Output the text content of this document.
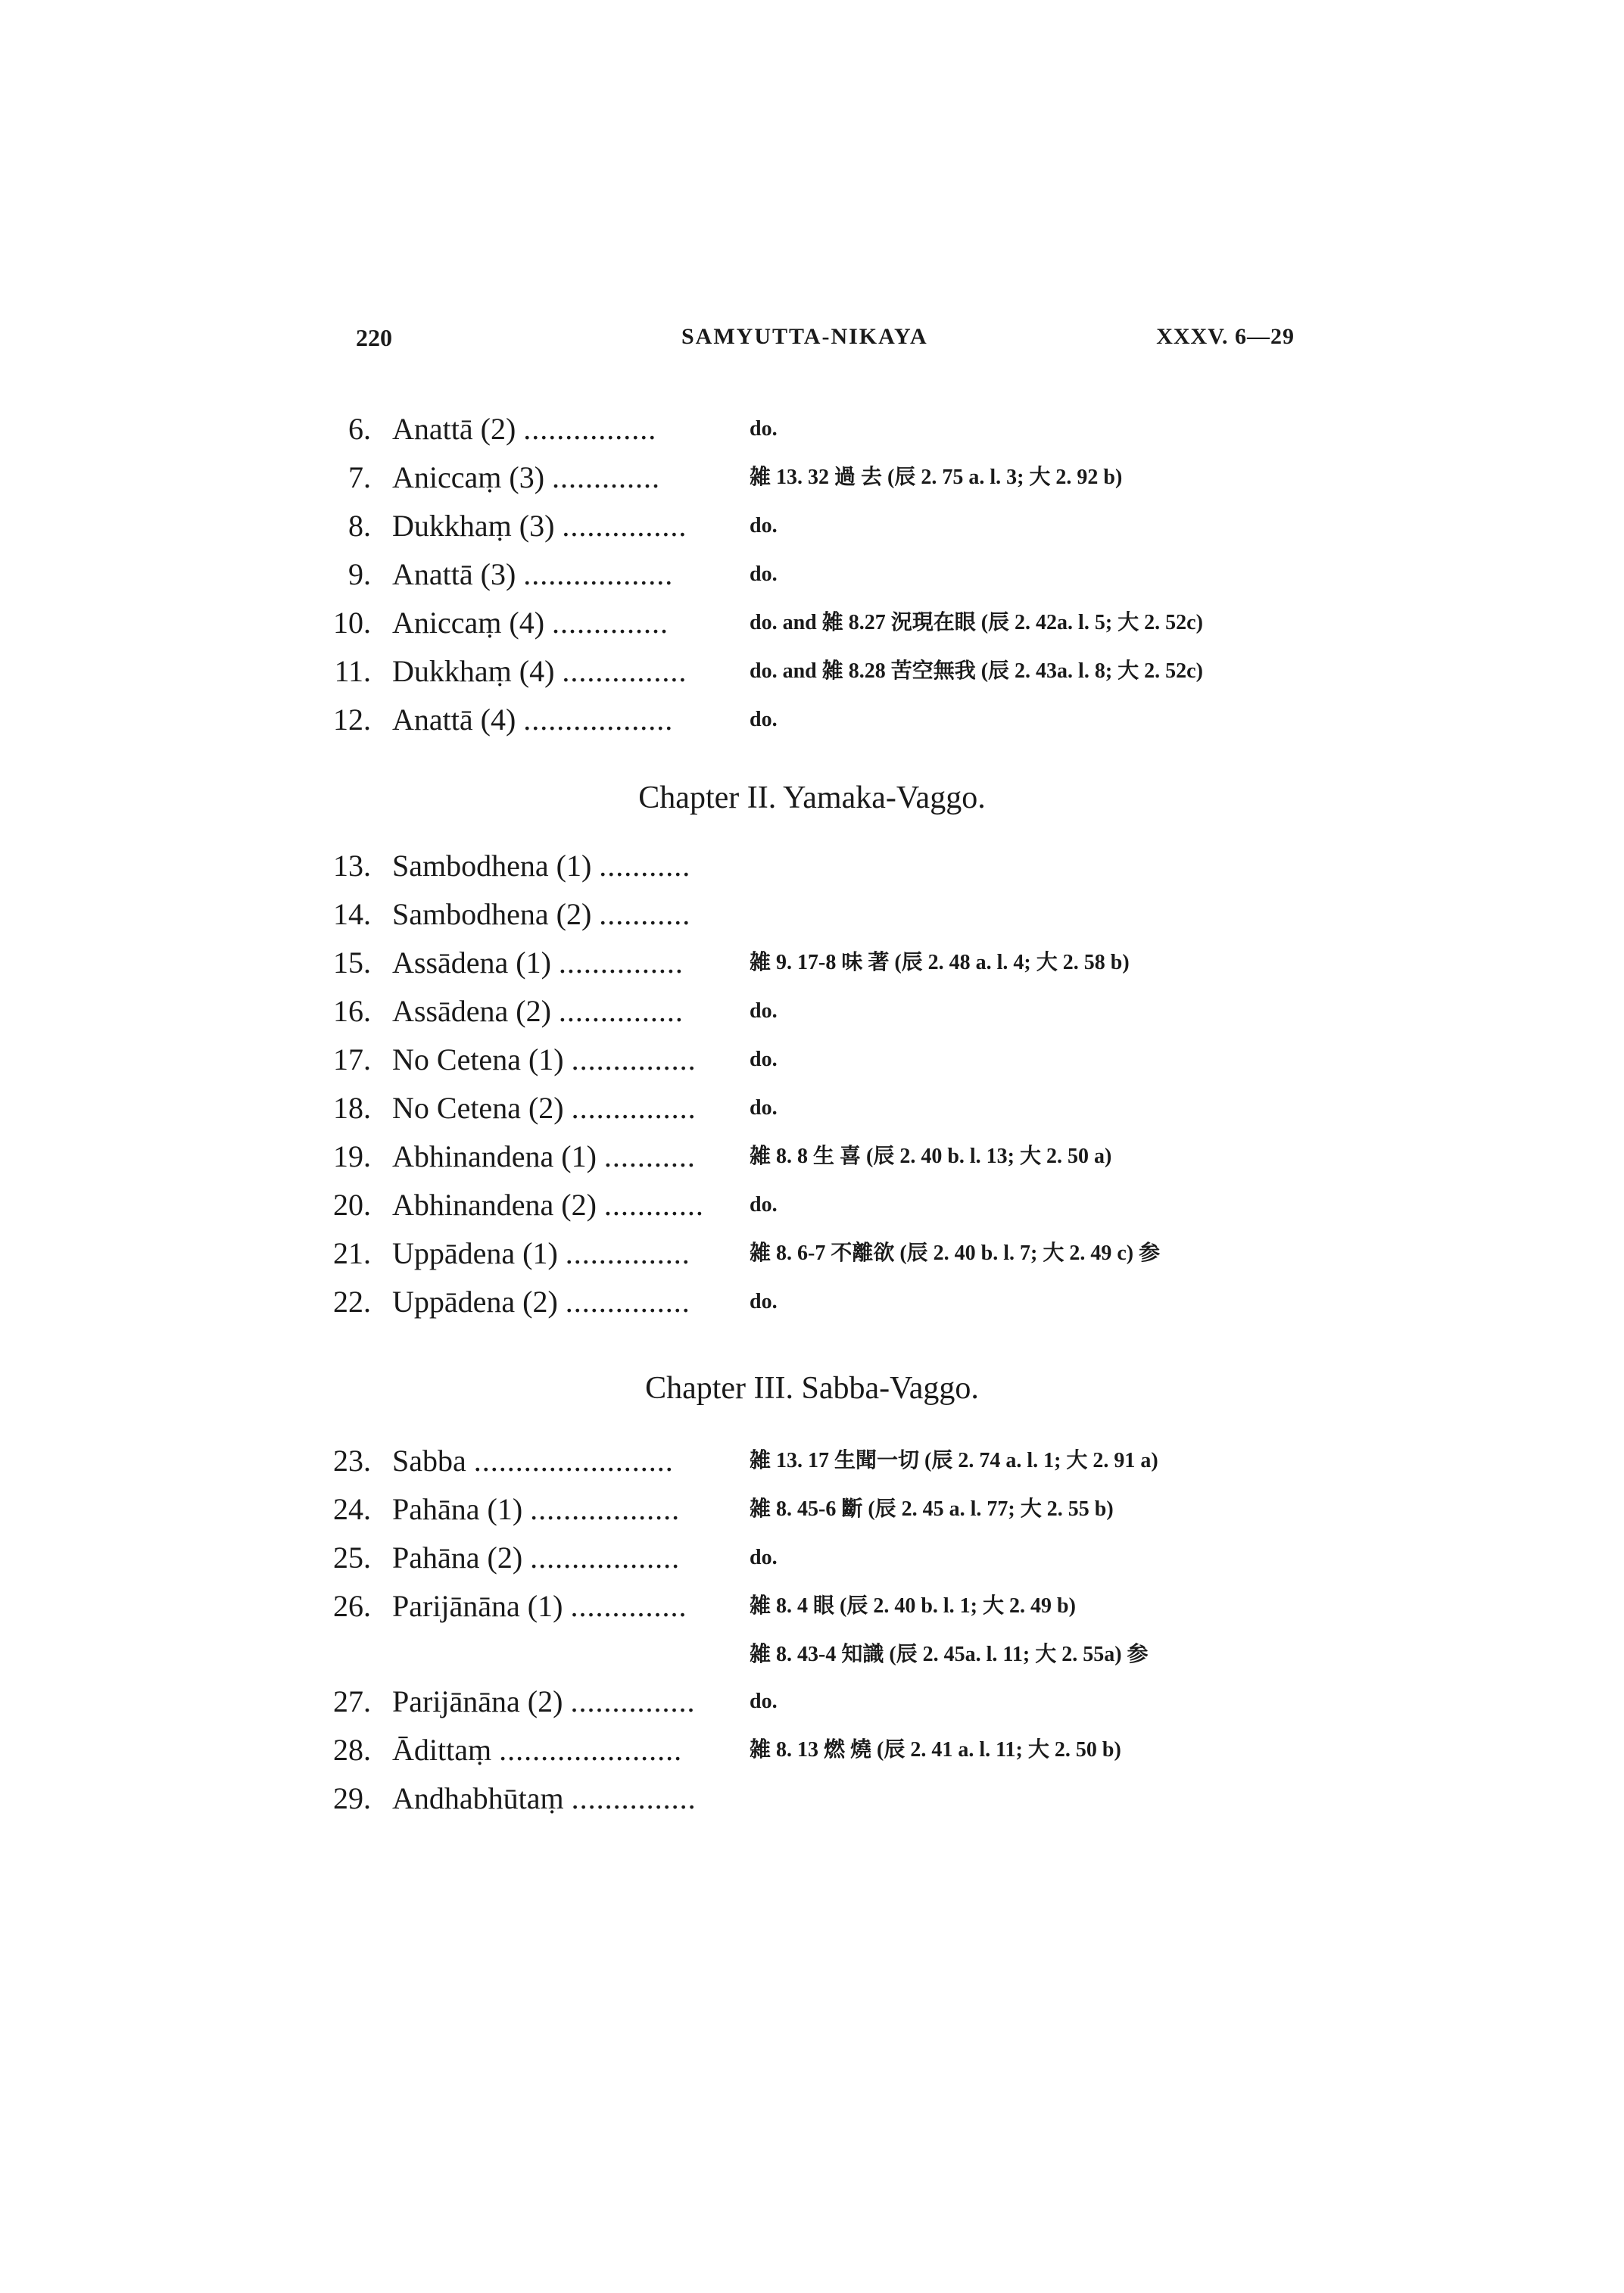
220	SAMYUTTA-NIKAYA	XXXV. 6—29
6. Anattā (2) ................	do.
7. Aniccaṃ (3) .............	雑 13. 32 過 去 (辰 2. 75 a. l. 3; 大 2. 92 b)
8. Dukkhaṃ (3) ...............	do.
9. Anattā (3) ..................	do.
10. Aniccaṃ (4) ..............	do. and 雑 8.27 況現在眼 (辰 2. 42a. l. 5; 大 2. 52c)
11. Dukkhaṃ (4) ...............	do. and 雑 8.28 苦空無我 (辰 2. 43a. l. 8; 大 2. 52c)
12. Anattā (4) ..................	do.
Chapter II. Yamaka-Vaggo.
13. Sambodhena (1) ...........
14. Sambodhena (2) ...........
15. Assādena (1) ...............	雑 9. 17-8 味 著 (辰 2. 48 a. l. 4; 大 2. 58 b)
16. Assādena (2) ...............	do.
17. No Cetena (1) ...............	do.
18. No Cetena (2) ...............	do.
19. Abhinandena (1) ...........	雑 8. 8 生 喜 (辰 2. 40 b. l. 13; 大 2. 50 a)
20. Abhinandena (2) ............ do.
21. Uppādena (1) ...............	雑 8. 6-7 不離欲 (辰 2. 40 b. l. 7; 大 2. 49 c) 参
22. Uppādena (2) ...............	do.
Chapter III. Sabba-Vaggo.
23. Sabba ........................	雑 13. 17 生聞一切 (辰 2. 74 a. l. 1; 大 2. 91 a)
24. Pahāna (1) ..................	雑 8. 45-6 斷 (辰 2. 45 a. l. 77; 大 2. 55 b)
25. Pahāna (2) ..................	do.
26. Parijānāna (1) ..............	雑 8. 4 眼 (辰 2. 40 b. l. 1; 大 2. 49 b)
雑 8. 43-4 知識 (辰 2. 45a. l. 11; 大 2. 55a) 参
27. Parijānāna (2) ...............	do.
28. Ādittaṃ ......................	雑 8. 13 燃 燒 (辰 2. 41 a. l. 11; 大 2. 50 b)
29. Andhabhūtaṃ ...............
